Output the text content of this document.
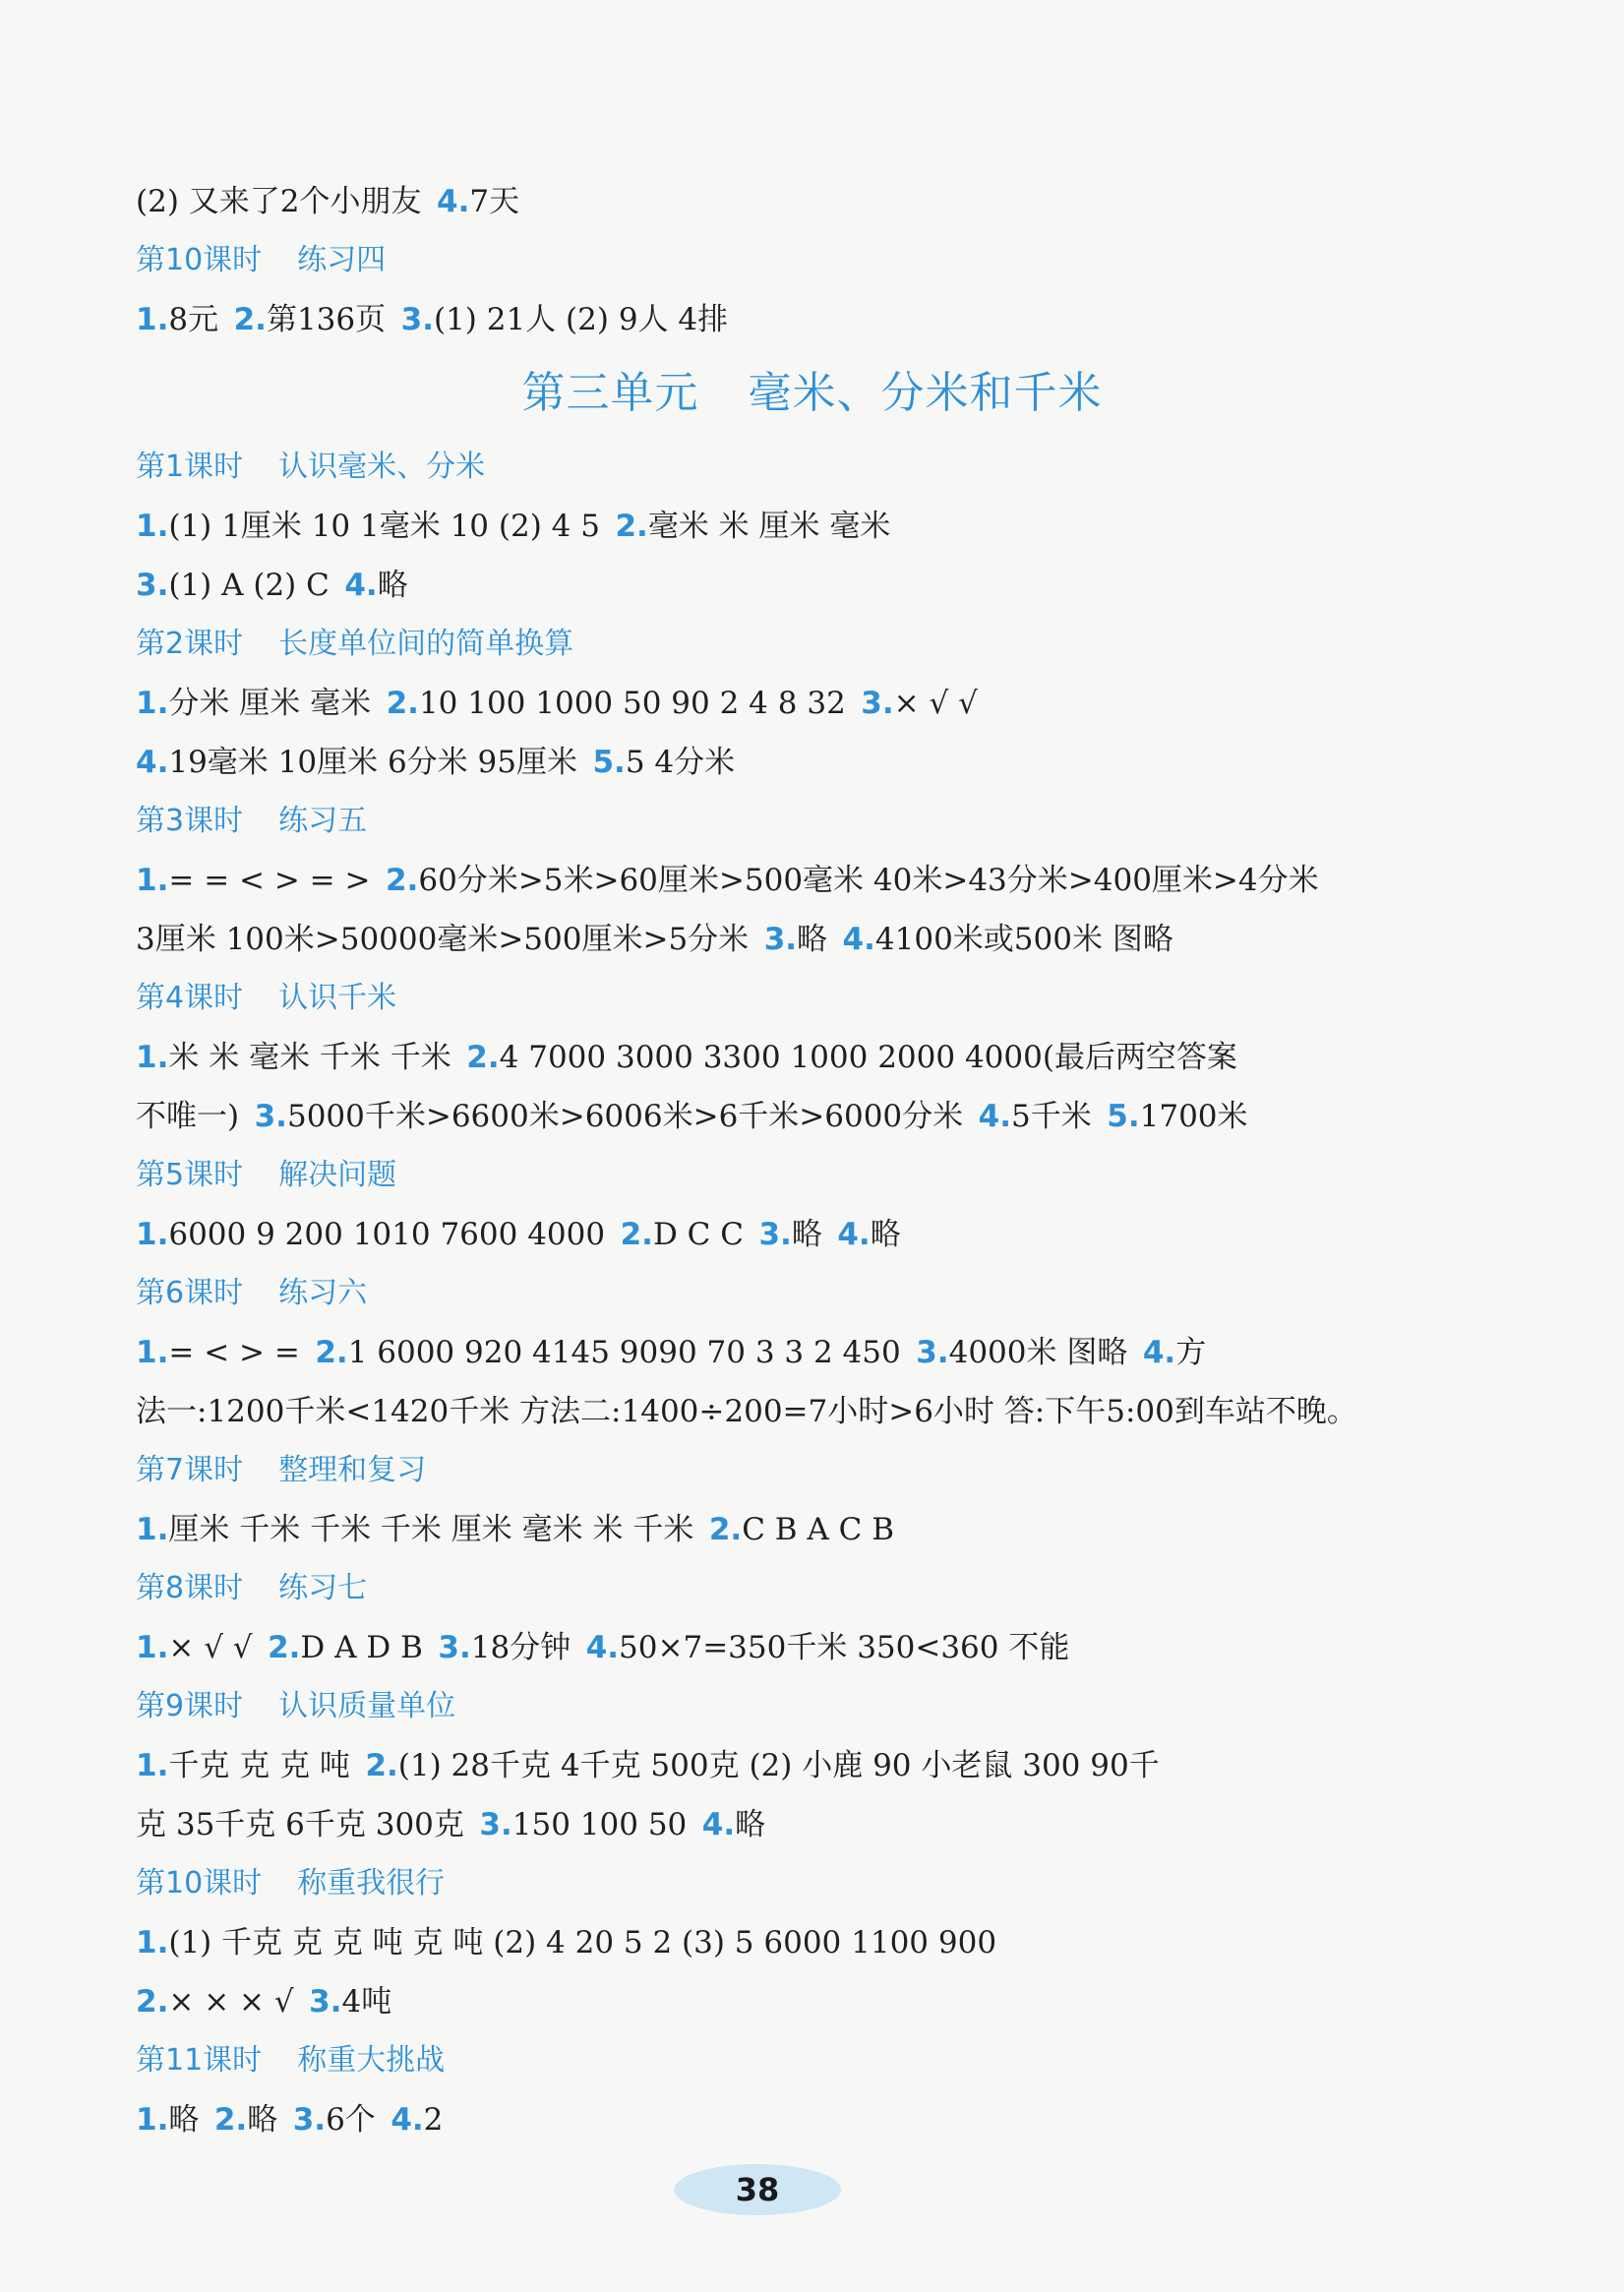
(2) 又来了2个小朋友 4.7天
第10课时 练习四
1.8元 2.第136页 3.(1) 21人 (2) 9人 4排
第三单元 毫米、分米和千米
第1课时 认识毫米、分米
1.(1) 1厘米 10 1毫米 10 (2) 4 5 2.毫米 米 厘米 毫米
3.(1) A (2) C 4.略
第2课时 长度单位间的简单换算
1.分米 厘米 毫米 2.10 100 1000 50 90 2 4 8 32 3.× √ √
4.19毫米 10厘米 6分米 95厘米 5.5 4分米
第3课时 练习五
1.= = < > = > 2.60分米>5米>60厘米>500毫米 40米>43分米>400厘米>4分米
3厘米 100米>50000毫米>500厘米>5分米 3.略 4.4100米或500米 图略
第4课时 认识千米
1.米 米 毫米 千米 千米 2.4 7000 3000 3300 1000 2000 4000(最后两空答案
不唯一) 3.5000千米>6600米>6006米>6千米>6000分米 4.5千米 5.1700米
第5课时 解决问题
1.6000 9 200 1010 7600 4000 2.D C C 3.略 4.略
第6课时 练习六
1.= < > = 2.1 6000 920 4145 9090 70 3 3 2 450 3.4000米 图略 4.方
法一:1200千米<1420千米 方法二:1400÷200=7小时>6小时 答:下午5:00到车站不晚。
第7课时 整理和复习
1.厘米 千米 千米 千米 厘米 毫米 米 千米 2.C B A C B
第8课时 练习七
1.× √ √ 2.D A D B 3.18分钟 4.50×7=350千米 350<360 不能
第9课时 认识质量单位
1.千克 克 克 吨 2.(1) 28千克 4千克 500克 (2) 小鹿 90 小老鼠 300 90千
克 35千克 6千克 300克 3.150 100 50 4.略
第10课时 称重我很行
1.(1) 千克 克 克 吨 克 吨 (2) 4 20 5 2 (3) 5 6000 1100 900
2.× × × √ 3.4吨
第11课时 称重大挑战
1.略 2.略 3.6个 4.2
38
